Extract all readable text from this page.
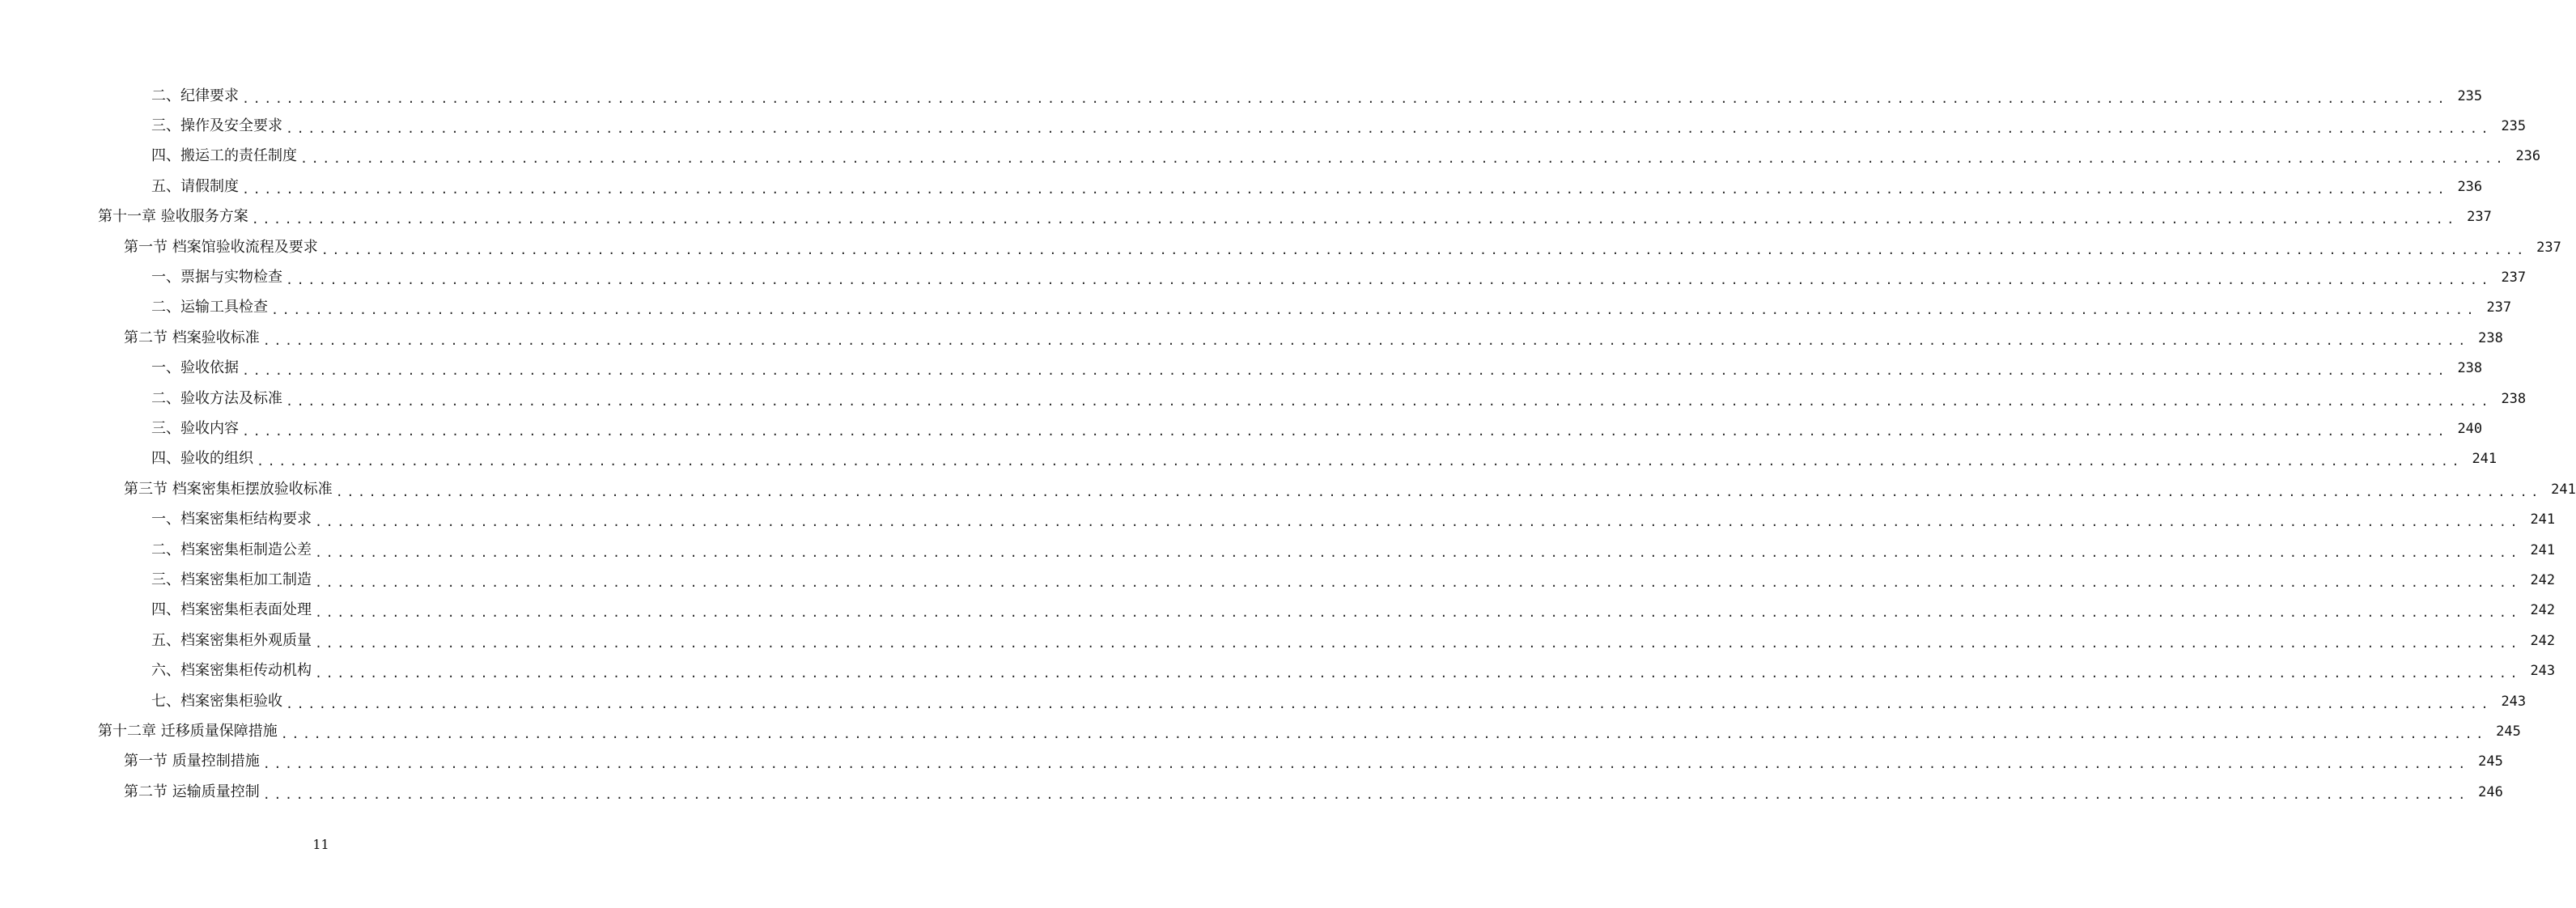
二、纪律要求 ........................................................................................................................................................................................................ 235
三、操作及安全要求 ........................................................................................................................................................................................................ 235
四、搬运工的责任制度 ........................................................................................................................................................................................................ 236
五、请假制度 ........................................................................................................................................................................................................ 236
第十一章 验收服务方案 ........................................................................................................................................................................................................ 237
第一节 档案馆验收流程及要求 ........................................................................................................................................................................................................ 237
一、票据与实物检查 ........................................................................................................................................................................................................ 237
二、运输工具检查 ........................................................................................................................................................................................................ 237
第二节 档案验收标准 ........................................................................................................................................................................................................ 238
一、验收依据 ........................................................................................................................................................................................................ 238
二、验收方法及标准 ........................................................................................................................................................................................................ 238
三、验收内容 ........................................................................................................................................................................................................ 240
四、验收的组织 ........................................................................................................................................................................................................ 241
第三节 档案密集柜摆放验收标准 ........................................................................................................................................................................................................ 241
一、档案密集柜结构要求 ........................................................................................................................................................................................................ 241
二、档案密集柜制造公差 ........................................................................................................................................................................................................ 241
三、档案密集柜加工制造 ........................................................................................................................................................................................................ 242
四、档案密集柜表面处理 ........................................................................................................................................................................................................ 242
五、档案密集柜外观质量 ........................................................................................................................................................................................................ 242
六、档案密集柜传动机构 ........................................................................................................................................................................................................ 243
七、档案密集柜验收 ........................................................................................................................................................................................................ 243
第十二章 迁移质量保障措施 ........................................................................................................................................................................................................ 245
第一节 质量控制措施 ........................................................................................................................................................................................................ 245
第二节 运输质量控制 ........................................................................................................................................................................................................ 246
11
